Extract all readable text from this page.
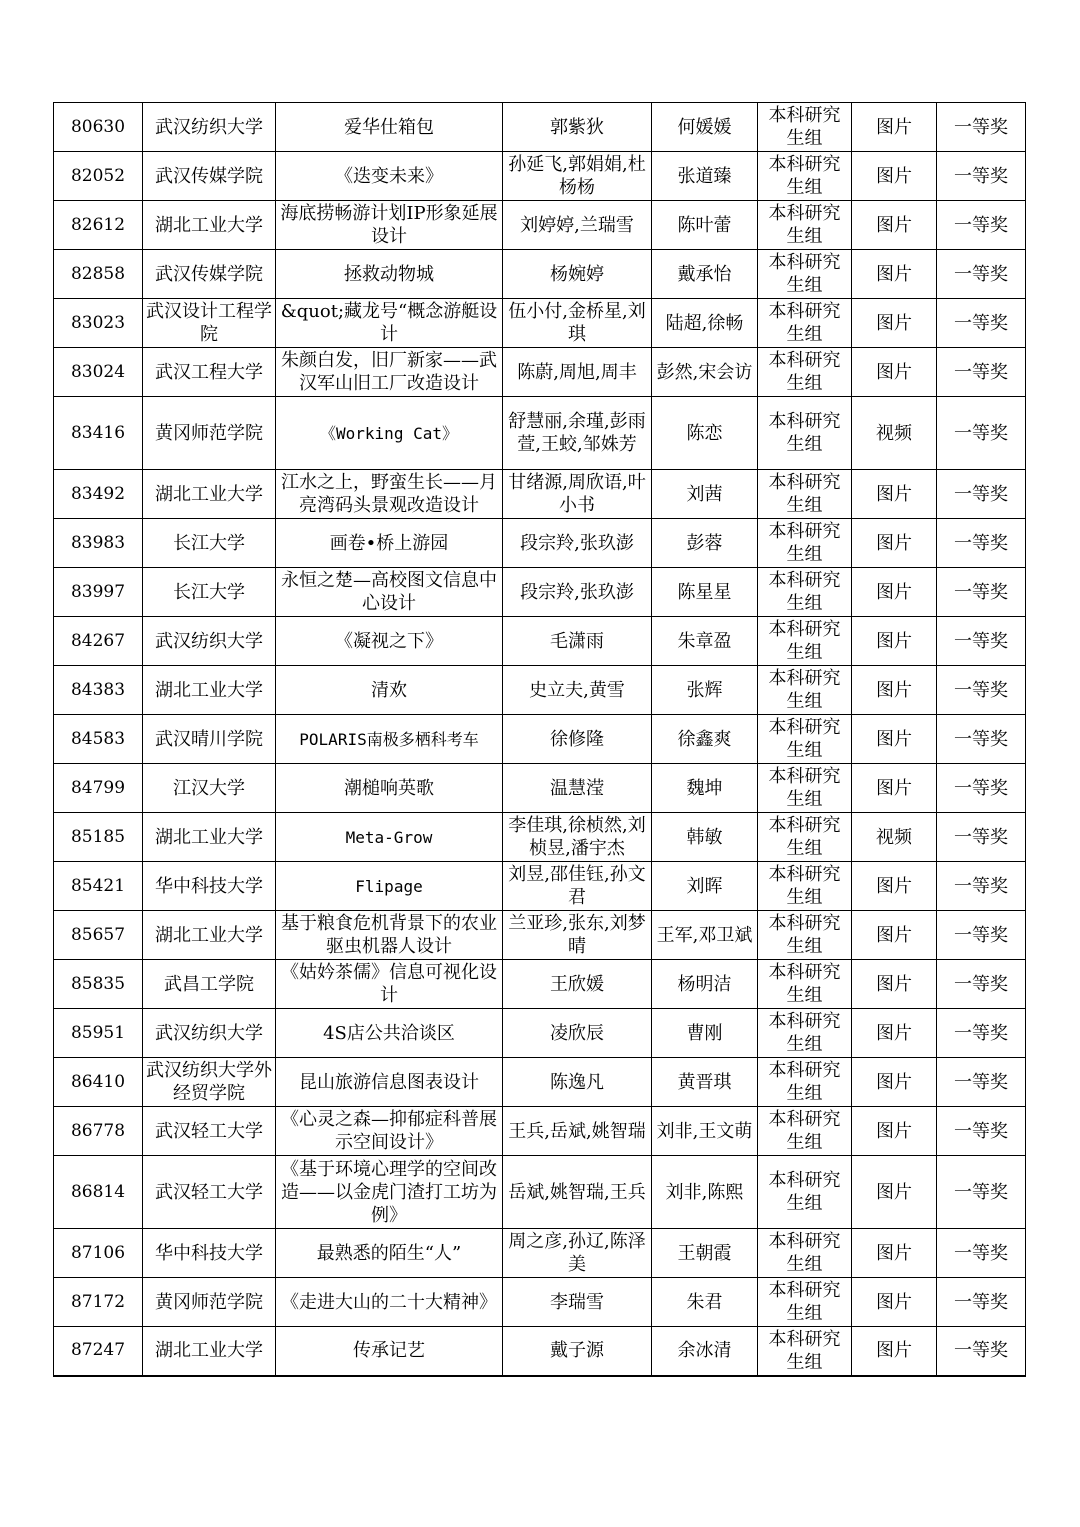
80630	武汉纺织大学	爱华仕箱包	郭紫狄	何媛媛	本科研究生组	图片	一等奖
82052	武汉传媒学院	《迭变未来》	孙延飞,郭娟娟,杜杨杨	张道臻	本科研究生组	图片	一等奖
82612	湖北工业大学	海底捞畅游计划IP形象延展设计	刘婷婷,兰瑞雪	陈叶蕾	本科研究生组	图片	一等奖
82858	武汉传媒学院	拯救动物城	杨婉婷	戴承怡	本科研究生组	图片	一等奖
83023	武汉设计工程学院	&quot;藏龙号“概念游艇设计	伍小付,金桥星,刘琪	陆超,徐畅	本科研究生组	图片	一等奖
83024	武汉工程大学	朱颜白发，旧厂新家——武汉军山旧工厂改造设计	陈蔚,周旭,周丰	彭然,宋会访	本科研究生组	图片	一等奖
83416	黄冈师范学院	《Working Cat》	舒慧丽,余瑾,彭雨萱,王蛟,邹姝芳	陈恋	本科研究生组	视频	一等奖
83492	湖北工业大学	江水之上，野蛮生长——月亮湾码头景观改造设计	甘绪源,周欣语,叶小书	刘茜	本科研究生组	图片	一等奖
83983	长江大学	画卷•桥上游园	段宗羚,张玖澎	彭蓉	本科研究生组	图片	一等奖
83997	长江大学	永恒之楚—高校图文信息中心设计	段宗羚,张玖澎	陈星星	本科研究生组	图片	一等奖
84267	武汉纺织大学	《凝视之下》	毛潇雨	朱章盈	本科研究生组	图片	一等奖
84383	湖北工业大学	清欢	史立夫,黄雪	张辉	本科研究生组	图片	一等奖
84583	武汉晴川学院	POLARIS南极多栖科考车	徐修隆	徐鑫爽	本科研究生组	图片	一等奖
84799	江汉大学	潮槌响英歌	温慧滢	魏坤	本科研究生组	图片	一等奖
85185	湖北工业大学	Meta-Grow	李佳琪,徐桢然,刘桢昱,潘宇杰	韩敏	本科研究生组	视频	一等奖
85421	华中科技大学	Flipage	刘昱,邵佳钰,孙文君	刘晖	本科研究生组	图片	一等奖
85657	湖北工业大学	基于粮食危机背景下的农业驱虫机器人设计	兰亚珍,张东,刘梦晴	王军,邓卫斌	本科研究生组	图片	一等奖
85835	武昌工学院	《姑妗茶儒》信息可视化设计	王欣媛	杨明洁	本科研究生组	图片	一等奖
85951	武汉纺织大学	4S店公共洽谈区	凌欣辰	曹刚	本科研究生组	图片	一等奖
86410	武汉纺织大学外经贸学院	昆山旅游信息图表设计	陈逸凡	黄晋琪	本科研究生组	图片	一等奖
86778	武汉轻工大学	《心灵之森—抑郁症科普展示空间设计》	王兵,岳斌,姚智瑞	刘非,王文萌	本科研究生组	图片	一等奖
86814	武汉轻工大学	《基于环境心理学的空间改造——以金虎门渣打工坊为例》	岳斌,姚智瑞,王兵	刘非,陈熙	本科研究生组	图片	一等奖
87106	华中科技大学	最熟悉的陌生“人”	周之彦,孙辽,陈泽美	王朝霞	本科研究生组	图片	一等奖
87172	黄冈师范学院	《走进大山的二十大精神》	李瑞雪	朱君	本科研究生组	图片	一等奖
87247	湖北工业大学	传承记艺	戴子源	余冰清	本科研究生组	图片	一等奖
